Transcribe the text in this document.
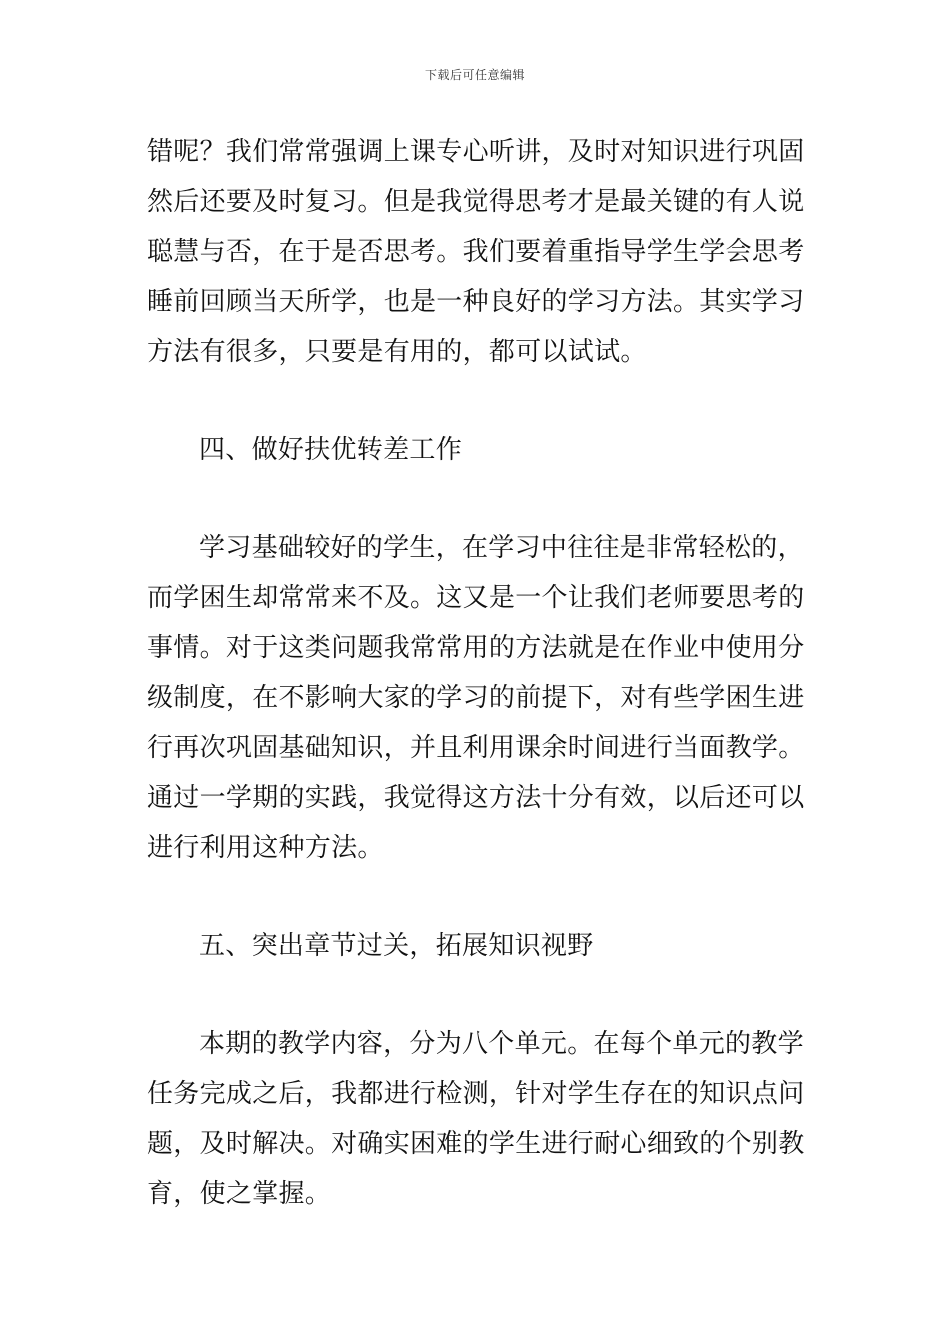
下载后可任意编辑
错呢？我们常常强调上课专心听讲，及时对知识进行巩固
然后还要及时复习。但是我觉得思考才是最关键的有人说
聪慧与否，在于是否思考。我们要着重指导学生学会思考
睡前回顾当天所学，也是一种良好的学习方法。其实学习
方法有很多，只要是有用的，都可以试试。
四、做好扶优转差工作
学习基础较好的学生，在学习中往往是非常轻松的，
而学困生却常常来不及。这又是一个让我们老师要思考的
事情。对于这类问题我常常用的方法就是在作业中使用分
级制度，在不影响大家的学习的前提下，对有些学困生进
行再次巩固基础知识，并且利用课余时间进行当面教学。
通过一学期的实践，我觉得这方法十分有效，以后还可以
进行利用这种方法。
五、突出章节过关，拓展知识视野
本期的教学内容，分为八个单元。在每个单元的教学
任务完成之后，我都进行检测，针对学生存在的知识点问
题，及时解决。对确实困难的学生进行耐心细致的个别教
育，使之掌握。
